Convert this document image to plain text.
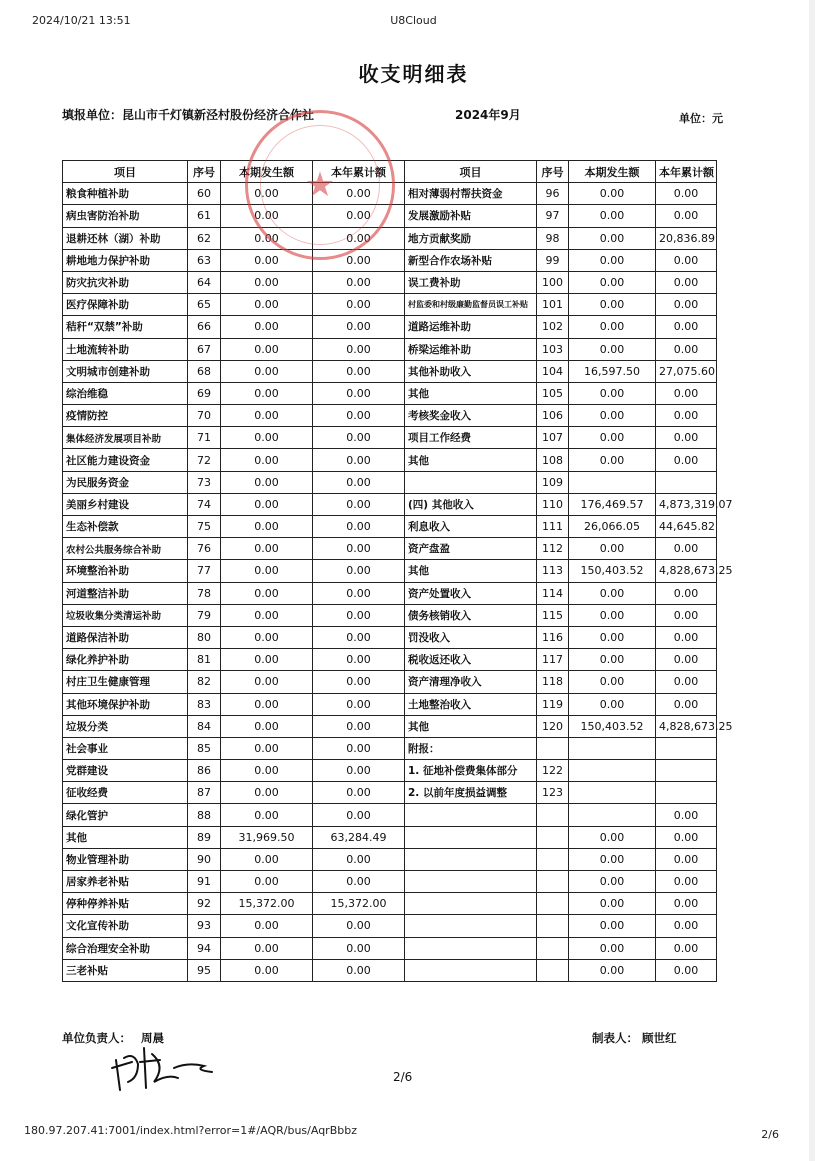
2024/10/21 13:51	U8Cloud
收支明细表
填报单位：昆山市千灯镇新泾村股份经济合作社	2024年9月	单位：元
项目	序号	本期发生额	本年累计额	项目	序号	本期发生额	本年累计额
粮食种植补助	60	0.00	0.00	相对薄弱村帮扶资金	96	0.00	0.00
病虫害防治补助	61	0.00	0.00	发展激励补贴	97	0.00	0.00
退耕还林（湖）补助	62	0.00	0.00	地方贡献奖励	98	0.00	20,836.89
耕地地力保护补助	63	0.00	0.00	新型合作农场补贴	99	0.00	0.00
防灾抗灾补助	64	0.00	0.00	误工费补助	100	0.00	0.00
医疗保障补助	65	0.00	0.00	村监委和村级廉勤监督员误工补贴	101	0.00	0.00
秸秆“双禁”补助	66	0.00	0.00	道路运维补助	102	0.00	0.00
土地流转补助	67	0.00	0.00	桥梁运维补助	103	0.00	0.00
文明城市创建补助	68	0.00	0.00	其他补助收入	104	16,597.50	27,075.60
综治维稳	69	0.00	0.00	其他	105	0.00	0.00
疫情防控	70	0.00	0.00	考核奖金收入	106	0.00	0.00
集体经济发展项目补助	71	0.00	0.00	项目工作经费	107	0.00	0.00
社区能力建设资金	72	0.00	0.00	其他	108	0.00	0.00
为民服务资金	73	0.00	0.00		109		
美丽乡村建设	74	0.00	0.00	(四) 其他收入	110	176,469.57	4,873,319.07
生态补偿款	75	0.00	0.00	利息收入	111	26,066.05	44,645.82
农村公共服务综合补助	76	0.00	0.00	资产盘盈	112	0.00	0.00
环境整治补助	77	0.00	0.00	其他	113	150,403.52	4,828,673.25
河道整洁补助	78	0.00	0.00	资产处置收入	114	0.00	0.00
垃圾收集分类清运补助	79	0.00	0.00	债务核销收入	115	0.00	0.00
道路保洁补助	80	0.00	0.00	罚没收入	116	0.00	0.00
绿化养护补助	81	0.00	0.00	税收返还收入	117	0.00	0.00
村庄卫生健康管理	82	0.00	0.00	资产清理净收入	118	0.00	0.00
其他环境保护补助	83	0.00	0.00	土地整治收入	119	0.00	0.00
垃圾分类	84	0.00	0.00	其他	120	150,403.52	4,828,673.25
社会事业	85	0.00	0.00	附报：			
党群建设	86	0.00	0.00	1. 征地补偿费集体部分	122		
征收经费	87	0.00	0.00	2. 以前年度损益调整	123		
绿化管护	88	0.00	0.00				0.00
其他	89	31,969.50	63,284.49			0.00	0.00
物业管理补助	90	0.00	0.00			0.00	0.00
居家养老补贴	91	0.00	0.00			0.00	0.00
停种停养补贴	92	15,372.00	15,372.00			0.00	0.00
文化宣传补助	93	0.00	0.00			0.00	0.00
综合治理安全补助	94	0.00	0.00			0.00	0.00
三老补贴	95	0.00	0.00			0.00	0.00
★
单位负责人： 周晨	制表人： 顾世红
2/6
180.97.207.41:7001/index.html?error=1#/AQR/bus/AqrBbbz	2/6
